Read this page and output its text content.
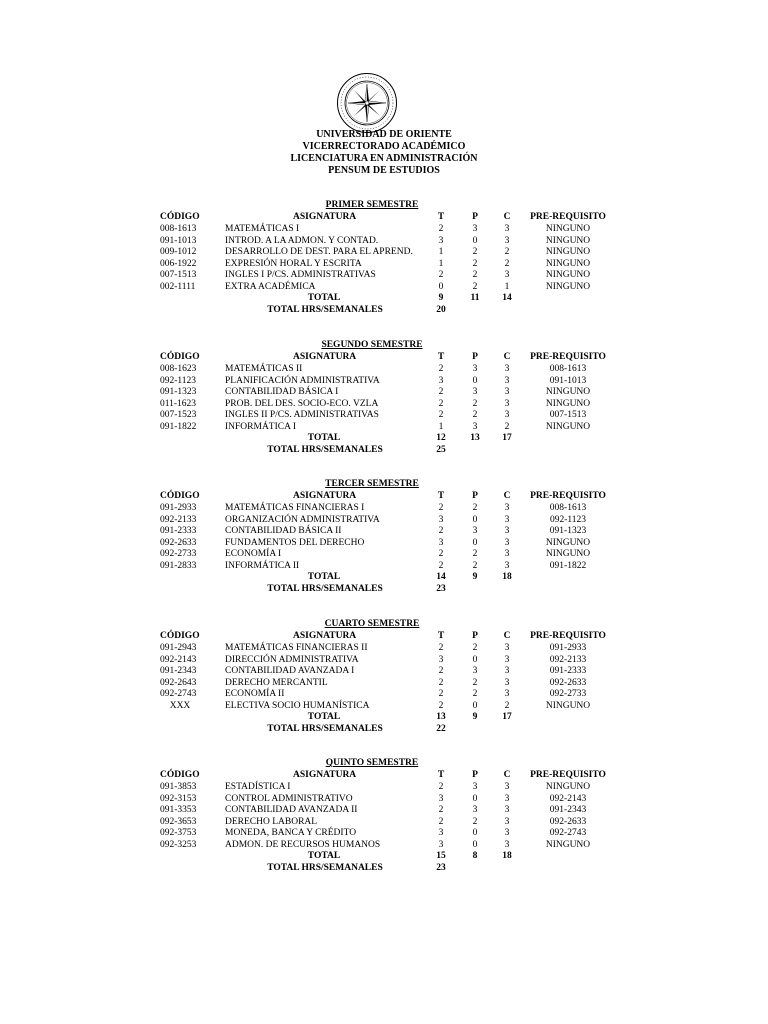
UNIVERSIDAD DE ORIENTE
VICERRECTORADO ACADÉMICO
LICENCIATURA EN ADMINISTRACIÓN
PENSUM DE ESTUDIOS
PRIMER SEMESTRE
CÓDIGO	ASIGNATURA	T	P	C	PRE-REQUISITO
008-1613	MATEMÁTICAS I	2	3	3	NINGUNO
091-1013	INTROD. A LA ADMON. Y CONTAD.	3	0	3	NINGUNO
009-1012	DESARROLLO DE DEST. PARA EL APREND.	1	2	2	NINGUNO
006-1922	EXPRESIÓN HORAL Y ESCRITA	1	2	2	NINGUNO
007-1513	INGLES I P/CS. ADMINISTRATIVAS	2	2	3	NINGUNO
002-1111	EXTRA ACADÉMICA	0	2	1	NINGUNO
TOTAL	9	11	14
TOTAL HRS/SEMANALES	20
SEGUNDO SEMESTRE
CÓDIGO	ASIGNATURA	T	P	C	PRE-REQUISITO
008-1623	MATEMÁTICAS II	2	3	3	008-1613
092-1123	PLANIFICACIÓN ADMINISTRATIVA	3	0	3	091-1013
091-1323	CONTABILIDAD BÁSICA I	2	3	3	NINGUNO
011-1623	PROB. DEL DES. SOCIO-ECO. VZLA	2	2	3	NINGUNO
007-1523	INGLES II P/CS. ADMINISTRATIVAS	2	2	3	007-1513
091-1822	INFORMÁTICA I	1	3	2	NINGUNO
TOTAL	12	13	17
TOTAL HRS/SEMANALES	25
TERCER SEMESTRE
CÓDIGO	ASIGNATURA	T	P	C	PRE-REQUISITO
091-2933	MATEMÁTICAS FINANCIERAS I	2	2	3	008-1613
092-2133	ORGANIZACIÓN ADMINISTRATIVA	3	0	3	092-1123
091-2333	CONTABILIDAD BÁSICA II	2	3	3	091-1323
092-2633	FUNDAMENTOS DEL DERECHO	3	0	3	NINGUNO
092-2733	ECONOMÍA I	2	2	3	NINGUNO
091-2833	INFORMÁTICA II	2	2	3	091-1822
TOTAL	14	9	18
TOTAL HRS/SEMANALES	23
CUARTO SEMESTRE
CÓDIGO	ASIGNATURA	T	P	C	PRE-REQUISITO
091-2943	MATEMÁTICAS FINANCIERAS II	2	2	3	091-2933
092-2143	DIRECCIÓN ADMINISTRATIVA	3	0	3	092-2133
091-2343	CONTABILIDAD AVANZADA I	2	3	3	091-2333
092-2643	DERECHO MERCANTIL	2	2	3	092-2633
092-2743	ECONOMÍA II	2	2	3	092-2733
XXX	ELECTIVA SOCIO HUMANÍSTICA	2	0	2	NINGUNO
TOTAL	13	9	17
TOTAL HRS/SEMANALES	22
QUINTO SEMESTRE
CÓDIGO	ASIGNATURA	T	P	C	PRE-REQUISITO
091-3853	ESTADÍSTICA I	2	3	3	NINGUNO
092-3153	CONTROL ADMINISTRATIVO	3	0	3	092-2143
091-3353	CONTABILIDAD AVANZADA II	2	3	3	091-2343
092-3653	DERECHO LABORAL	2	2	3	092-2633
092-3753	MONEDA, BANCA Y CRÉDITO	3	0	3	092-2743
092-3253	ADMON. DE RECURSOS HUMANOS	3	0	3	NINGUNO
TOTAL	15	8	18
TOTAL HRS/SEMANALES	23
